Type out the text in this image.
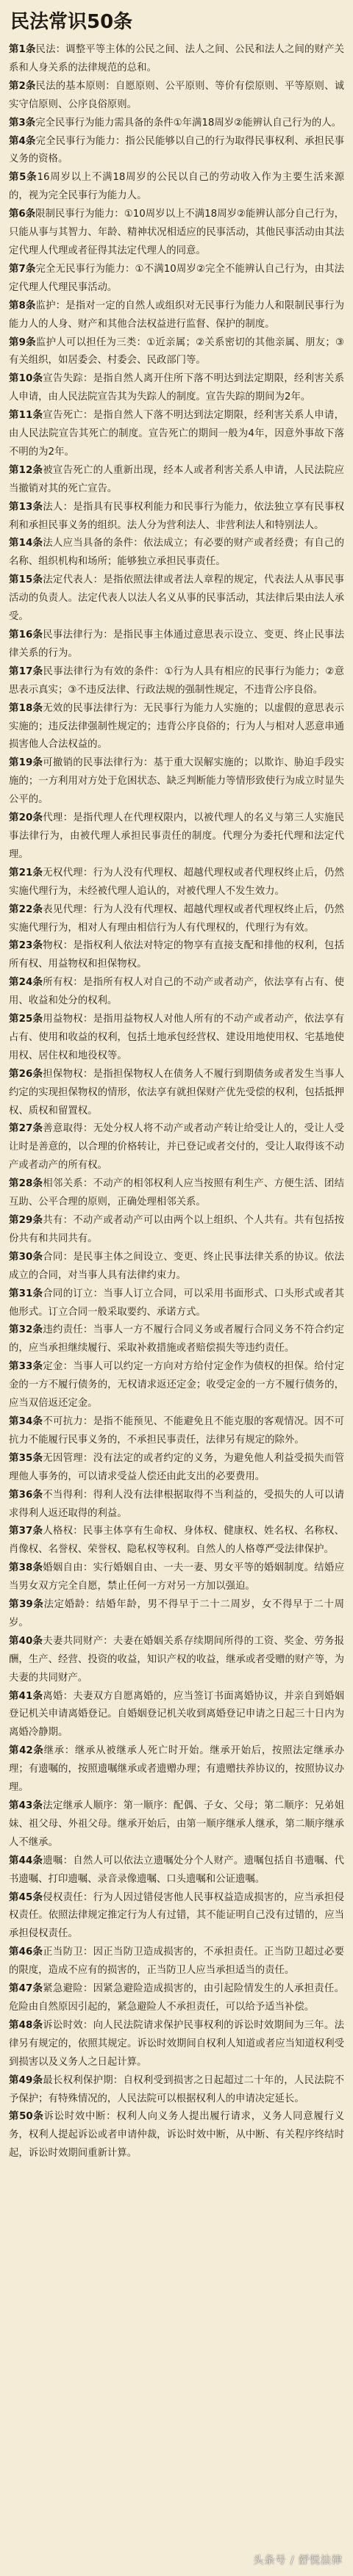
民法常识50条

第1条民法：调整平等主体的公民之间、法人之间、公民和法人之间的财产关系和人身关系的法律规范的总和。

第2条民法的基本原则：自愿原则、公平原则、等价有偿原则、平等原则、诚实守信原则、公序良俗原则。

第3条完全民事行为能力需具备的条件①年满18周岁②能辨认自己行为的人。

第4条完全民事行为能力：指公民能够以自己的行为取得民事权利、承担民事义务的资格。

第5条16周岁以上不满18周岁的公民以自己的劳动收入作为主要生活来源的，视为完全民事行为能力人。

第6条限制民事行为能力：①10周岁以上不满18周岁②能辨认部分自己行为，只能从事与其智力、年龄、精神状况相适应的民事活动，其他民事活动由其法定代理人代理或者征得其法定代理人的同意。

第7条完全无民事行为能力：①不满10周岁②完全不能辨认自己行为，由其法定代理人代理民事活动。

第8条监护：是指对一定的自然人或组织对无民事行为能力人和限制民事行为能力人的人身、财产和其他合法权益进行监督、保护的制度。

第9条监护人可以担任为三类：①近亲属；②关系密切的其他亲属、朋友；③有关组织，如居委会、村委会、民政部门等。

第10条宣告失踪：是指自然人离开住所下落不明达到法定期限，经利害关系人申请，由人民法院宣告其为失踪人的制度。宣告失踪的期间为2年。

第11条宣告死亡：是指自然人下落不明达到法定期限，经利害关系人申请，由人民法院宣告其死亡的制度。宣告死亡的期间一般为4年，因意外事故下落不明的为2年。

第12条被宣告死亡的人重新出现，经本人或者利害关系人申请，人民法院应当撤销对其的死亡宣告。

第13条法人：是指具有民事权利能力和民事行为能力，依法独立享有民事权利和承担民事义务的组织。法人分为营利法人、非营利法人和特别法人。

第14条法人应当具备的条件：依法成立；有必要的财产或者经费；有自己的名称、组织机构和场所；能够独立承担民事责任。

第15条法定代表人：是指依照法律或者法人章程的规定，代表法人从事民事活动的负责人。法定代表人以法人名义从事的民事活动，其法律后果由法人承受。

第16条民事法律行为：是指民事主体通过意思表示设立、变更、终止民事法律关系的行为。

第17条民事法律行为有效的条件：①行为人具有相应的民事行为能力；②意思表示真实；③不违反法律、行政法规的强制性规定，不违背公序良俗。

第18条无效的民事法律行为：无民事行为能力人实施的；以虚假的意思表示实施的；违反法律强制性规定的；违背公序良俗的；行为人与相对人恶意串通损害他人合法权益的。

第19条可撤销的民事法律行为：基于重大误解实施的；以欺诈、胁迫手段实施的；一方利用对方处于危困状态、缺乏判断能力等情形致使行为成立时显失公平的。

第20条代理：是指代理人在代理权限内，以被代理人的名义与第三人实施民事法律行为，由被代理人承担民事责任的制度。代理分为委托代理和法定代理。

第21条无权代理：行为人没有代理权、超越代理权或者代理权终止后，仍然实施代理行为，未经被代理人追认的，对被代理人不发生效力。

第22条表见代理：行为人没有代理权、超越代理权或者代理权终止后，仍然实施代理行为，相对人有理由相信行为人有代理权的，代理行为有效。

第23条物权：是指权利人依法对特定的物享有直接支配和排他的权利，包括所有权、用益物权和担保物权。

第24条所有权：是指所有权人对自己的不动产或者动产，依法享有占有、使用、收益和处分的权利。

第25条用益物权：是指用益物权人对他人所有的不动产或者动产，依法享有占有、使用和收益的权利，包括土地承包经营权、建设用地使用权、宅基地使用权、居住权和地役权等。

第26条担保物权：是指担保物权人在债务人不履行到期债务或者发生当事人约定的实现担保物权的情形，依法享有就担保财产优先受偿的权利，包括抵押权、质权和留置权。

第27条善意取得：无处分权人将不动产或者动产转让给受让人的，受让人受让时是善意的，以合理的价格转让，并已登记或者交付的，受让人取得该不动产或者动产的所有权。

第28条相邻关系：不动产的相邻权利人应当按照有利生产、方便生活、团结互助、公平合理的原则，正确处理相邻关系。

第29条共有：不动产或者动产可以由两个以上组织、个人共有。共有包括按份共有和共同共有。

第30条合同：是民事主体之间设立、变更、终止民事法律关系的协议。依法成立的合同，对当事人具有法律约束力。

第31条合同的订立：当事人订立合同，可以采用书面形式、口头形式或者其他形式。订立合同一般采取要约、承诺方式。

第32条违约责任：当事人一方不履行合同义务或者履行合同义务不符合约定的，应当承担继续履行、采取补救措施或者赔偿损失等违约责任。

第33条定金：当事人可以约定一方向对方给付定金作为债权的担保。给付定金的一方不履行债务的，无权请求返还定金；收受定金的一方不履行债务的，应当双倍返还定金。

第34条不可抗力：是指不能预见、不能避免且不能克服的客观情况。因不可抗力不能履行民事义务的，不承担民事责任，法律另有规定的除外。

第35条无因管理：没有法定的或者约定的义务，为避免他人利益受损失而管理他人事务的，可以请求受益人偿还由此支出的必要费用。

第36条不当得利：得利人没有法律根据取得不当利益的，受损失的人可以请求得利人返还取得的利益。

第37条人格权：民事主体享有生命权、身体权、健康权、姓名权、名称权、肖像权、名誉权、荣誉权、隐私权等权利。自然人的人格尊严受法律保护。

第38条婚姻自由：实行婚姻自由、一夫一妻、男女平等的婚姻制度。结婚应当男女双方完全自愿，禁止任何一方对另一方加以强迫。

第39条法定婚龄：结婚年龄，男不得早于二十二周岁，女不得早于二十周岁。

第40条夫妻共同财产：夫妻在婚姻关系存续期间所得的工资、奖金、劳务报酬，生产、经营、投资的收益，知识产权的收益，继承或者受赠的财产等，为夫妻的共同财产。

第41条离婚：夫妻双方自愿离婚的，应当签订书面离婚协议，并亲自到婚姻登记机关申请离婚登记。自婚姻登记机关收到离婚登记申请之日起三十日内为离婚冷静期。

第42条继承：继承从被继承人死亡时开始。继承开始后，按照法定继承办理；有遗嘱的，按照遗嘱继承或者遗赠办理；有遗赠扶养协议的，按照协议办理。

第43条法定继承人顺序：第一顺序：配偶、子女、父母；第二顺序：兄弟姐妹、祖父母、外祖父母。继承开始后，由第一顺序继承人继承，第二顺序继承人不继承。

第44条遗嘱：自然人可以依法立遗嘱处分个人财产。遗嘱包括自书遗嘱、代书遗嘱、打印遗嘱、录音录像遗嘱、口头遗嘱和公证遗嘱。

第45条侵权责任：行为人因过错侵害他人民事权益造成损害的，应当承担侵权责任。依照法律规定推定行为人有过错，其不能证明自己没有过错的，应当承担侵权责任。

第46条正当防卫：因正当防卫造成损害的，不承担责任。正当防卫超过必要的限度，造成不应有的损害的，正当防卫人应当承担适当的责任。

第47条紧急避险：因紧急避险造成损害的，由引起险情发生的人承担责任。危险由自然原因引起的，紧急避险人不承担责任，可以给予适当补偿。

第48条诉讼时效：向人民法院请求保护民事权利的诉讼时效期间为三年。法律另有规定的，依照其规定。诉讼时效期间自权利人知道或者应当知道权利受到损害以及义务人之日起计算。

第49条最长权利保护期：自权利受到损害之日起超过二十年的，人民法院不予保护；有特殊情况的，人民法院可以根据权利人的申请决定延长。

第50条诉讼时效中断：权利人向义务人提出履行请求，义务人同意履行义务，权利人提起诉讼或者申请仲裁，诉讼时效中断，从中断、有关程序终结时起，诉讼时效期间重新计算。

头条号 / 舒悦法律
